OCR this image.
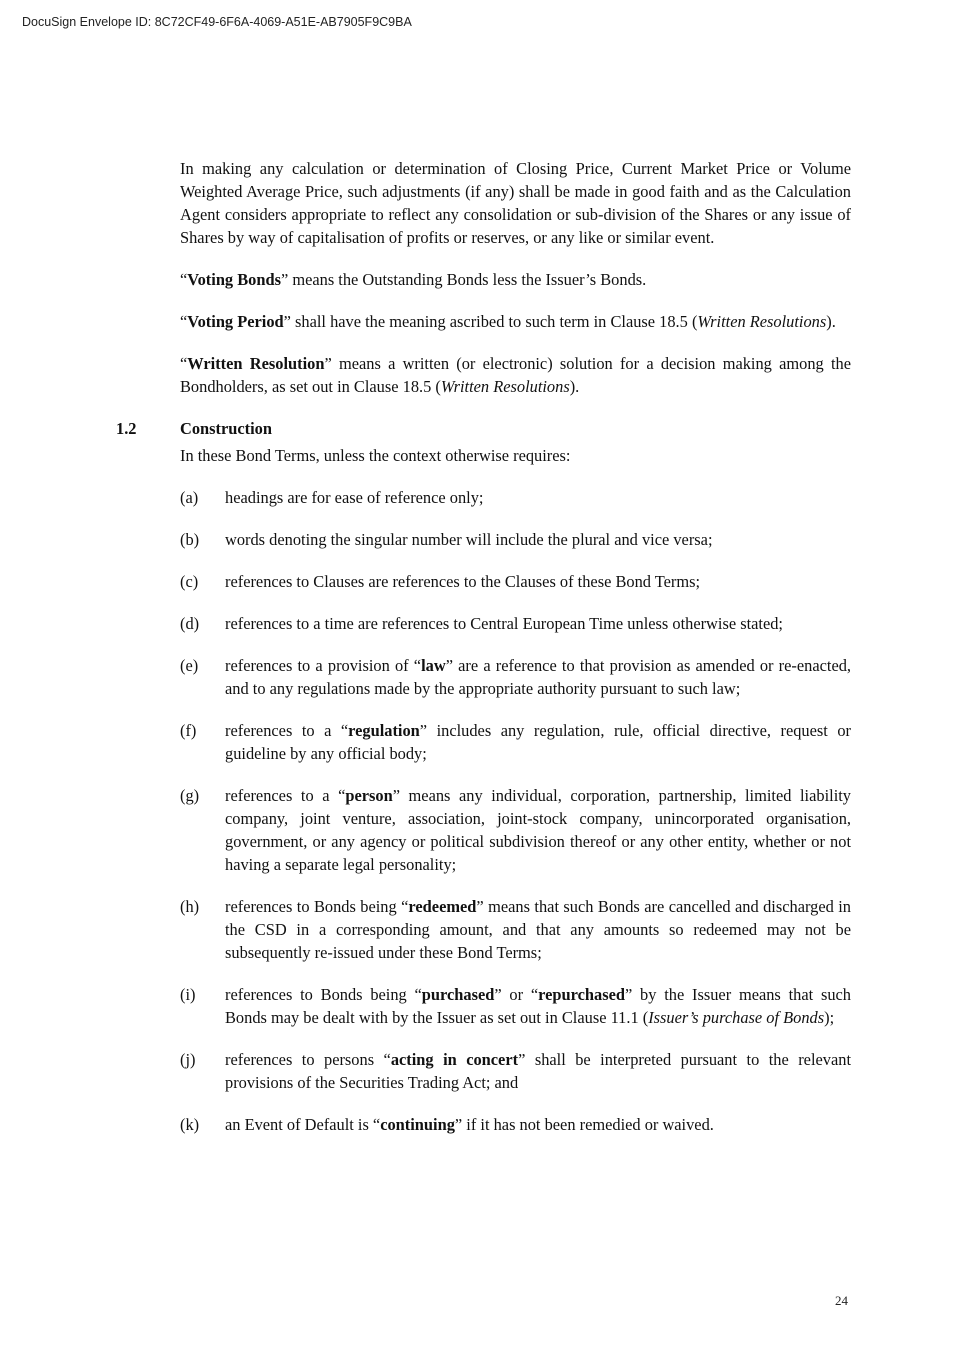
DocuSign Envelope ID: 8C72CF49-6F6A-4069-A51E-AB7905F9C9BA

In making any calculation or determination of Closing Price, Current Market Price or Volume Weighted Average Price, such adjustments (if any) shall be made in good faith and as the Calculation Agent considers appropriate to reflect any consolidation or sub-division of the Shares or any issue of Shares by way of capitalisation of profits or reserves, or any like or similar event.

“Voting Bonds” means the Outstanding Bonds less the Issuer’s Bonds.

“Voting Period” shall have the meaning ascribed to such term in Clause 18.5 (Written Resolutions).

“Written Resolution” means a written (or electronic) solution for a decision making among the Bondholders, as set out in Clause 18.5 (Written Resolutions).

1.2	Construction
In these Bond Terms, unless the context otherwise requires:
(a) headings are for ease of reference only;
(b) words denoting the singular number will include the plural and vice versa;
(c) references to Clauses are references to the Clauses of these Bond Terms;
(d) references to a time are references to Central European Time unless otherwise stated;
(e) references to a provision of “law” are a reference to that provision as amended or re-enacted, and to any regulations made by the appropriate authority pursuant to such law;
(f) references to a “regulation” includes any regulation, rule, official directive, request or guideline by any official body;
(g) references to a “person” means any individual, corporation, partnership, limited liability company, joint venture, association, joint-stock company, unincorporated organisation, government, or any agency or political subdivision thereof or any other entity, whether or not having a separate legal personality;
(h) references to Bonds being “redeemed” means that such Bonds are cancelled and discharged in the CSD in a corresponding amount, and that any amounts so redeemed may not be subsequently re-issued under these Bond Terms;
(i) references to Bonds being “purchased” or “repurchased” by the Issuer means that such Bonds may be dealt with by the Issuer as set out in Clause 11.1 (Issuer’s purchase of Bonds);
(j) references to persons “acting in concert” shall be interpreted pursuant to the relevant provisions of the Securities Trading Act; and
(k) an Event of Default is “continuing” if it has not been remedied or waived.
24
